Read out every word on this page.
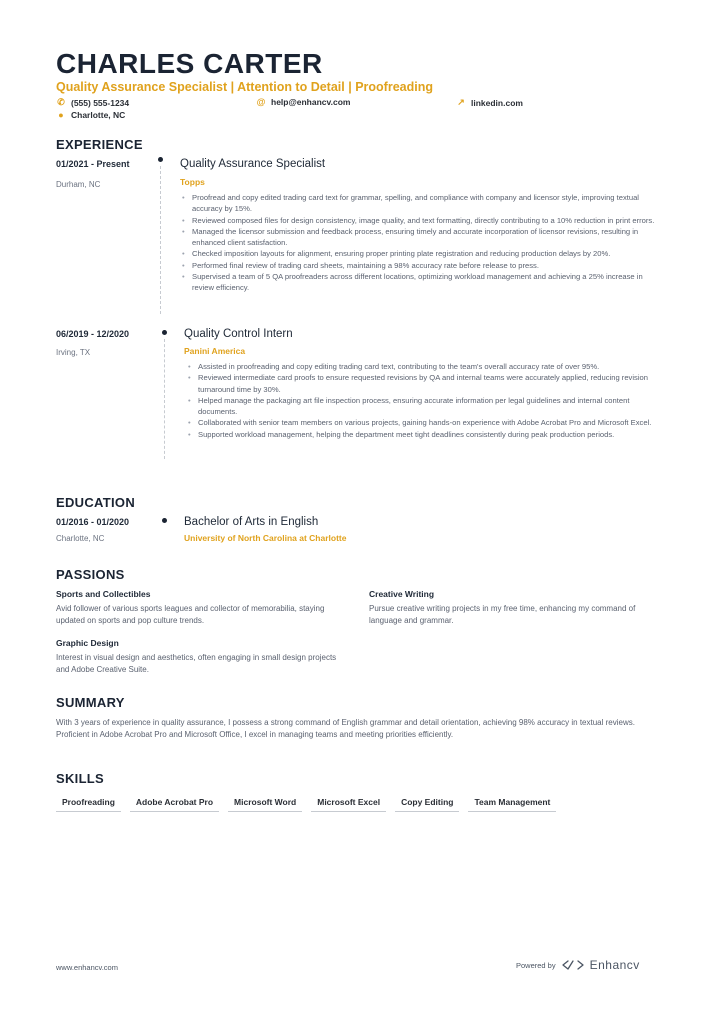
CHARLES CARTER

Quality Assurance Specialist | Attention to Detail | Proofreading

✆ (555) 555-1234	@ help@enhancv.com	↗ linkedin.com
● Charlotte, NC
EXPERIENCE
01/2021 - Present
Durham, NC
Quality Assurance Specialist
Topps
• Proofread and copy edited trading card text for grammar, spelling, and compliance with company and licensor style, improving textual accuracy by 15%.
• Reviewed composed files for design consistency, image quality, and text formatting, directly contributing to a 10% reduction in print errors.
• Managed the licensor submission and feedback process, ensuring timely and accurate incorporation of licensor revisions, resulting in enhanced client satisfaction.
• Checked imposition layouts for alignment, ensuring proper printing plate registration and reducing production delays by 20%.
• Performed final review of trading card sheets, maintaining a 98% accuracy rate before release to press.
• Supervised a team of 5 QA proofreaders across different locations, optimizing workload management and achieving a 25% increase in review efficiency.
06/2019 - 12/2020
Irving, TX
Quality Control Intern
Panini America
• Assisted in proofreading and copy editing trading card text, contributing to the team's overall accuracy rate of over 95%.
• Reviewed intermediate card proofs to ensure requested revisions by QA and internal teams were accurately applied, reducing revision turnaround time by 30%.
• Helped manage the packaging art file inspection process, ensuring accurate information per legal guidelines and internal content documents.
• Collaborated with senior team members on various projects, gaining hands-on experience with Adobe Acrobat Pro and Microsoft Excel.
• Supported workload management, helping the department meet tight deadlines consistently during peak production periods.
EDUCATION
01/2016 - 01/2020
Charlotte, NC
Bachelor of Arts in English
University of North Carolina at Charlotte
PASSIONS
Sports and Collectibles
Avid follower of various sports leagues and collector of memorabilia, staying updated on sports and pop culture trends.
Creative Writing
Pursue creative writing projects in my free time, enhancing my command of language and grammar.
Graphic Design
Interest in visual design and aesthetics, often engaging in small design projects and Adobe Creative Suite.
SUMMARY

With 3 years of experience in quality assurance, I possess a strong command of English grammar and detail orientation, achieving 98% accuracy in textual reviews. Proficient in Adobe Acrobat Pro and Microsoft Office, I excel in managing teams and meeting priorities efficiently.

SKILLS
Proofreading	Adobe Acrobat Pro	Microsoft Word	Microsoft Excel	Copy Editing	Team Management
www.enhancv.com	Powered by	Enhancv
